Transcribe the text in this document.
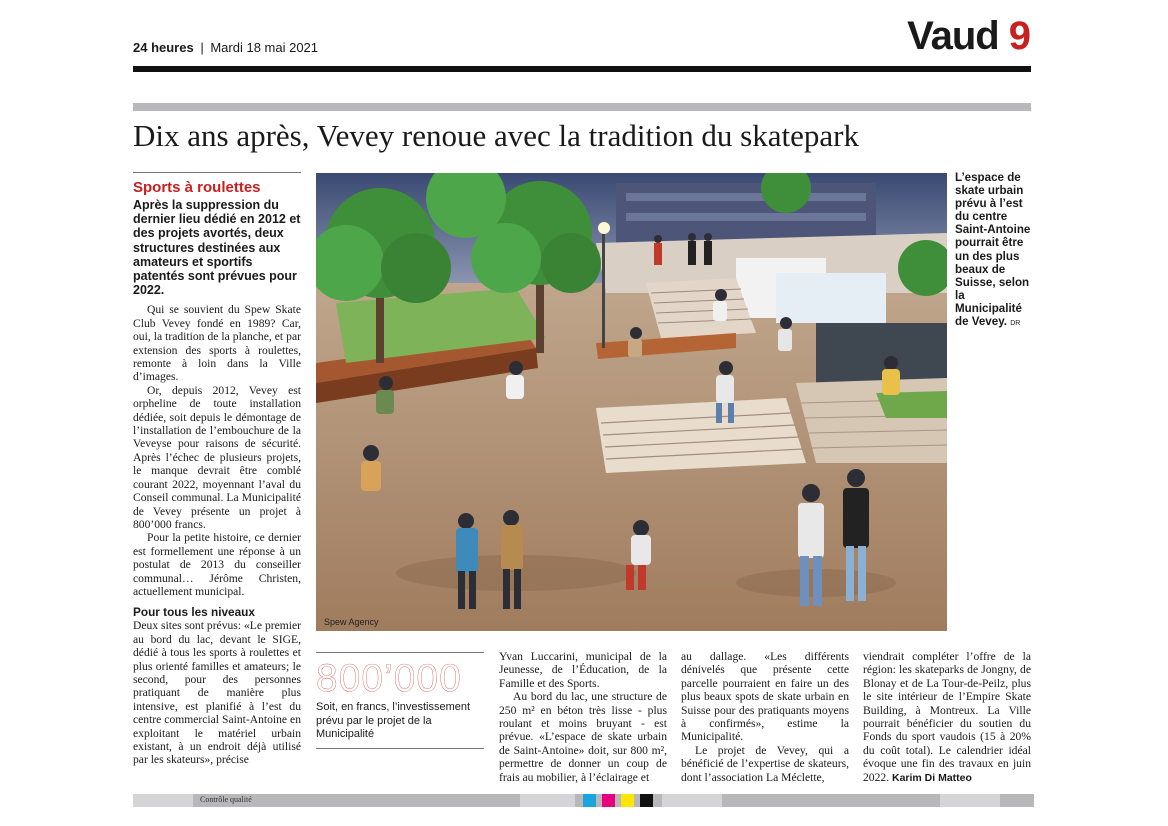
24 heures | Mardi 18 mai 2021	Vaud 9
Dix ans après, Vevey renoue avec la tradition du skatepark
Sports à roulettes
Après la suppression du dernier lieu dédié en 2012 et des projets avortés, deux structures destinées aux amateurs et sportifs patentés sont prévues pour 2022.

Qui se souvient du Spew Skate Club Vevey fondé en 1989? Car, oui, la tradition de la planche, et par extension des sports à roulettes, remonte à loin dans la Ville d’images.

Or, depuis 2012, Vevey est orpheline de toute installation dédiée, soit depuis le démontage de l’installation de l’embouchure de la Veveyse pour raisons de sécurité. Après l’échec de plusieurs projets, le manque devrait être comblé courant 2022, moyennant l’aval du Conseil communal. La Municipalité de Vevey présente un projet à 800’000 francs.

Pour la petite histoire, ce dernier est formellement une réponse à un postulat de 2013 du conseiller communal… Jérôme Christen, actuellement municipal.

Pour tous les niveaux

Deux sites sont prévus: «Le premier au bord du lac, devant le SIGE, dédié à tous les sports à roulettes et plus orienté familles et amateurs; le second, pour des personnes pratiquant de manière plus intensive, est planifié à l’est du centre commercial Saint-Antoine en exploitant le matériel urbain existant, à un endroit déjà utilisé par les skateurs», précise

Spew Agency
L’espace de skate urbain prévu à l’est du centre Saint-Antoine pourrait être un des plus beaux de Suisse, selon la Municipalité de Vevey. DR
800’000
Soit, en francs, l’investissement prévu par le projet de la Municipalité

Yvan Luccarini, municipal de la Jeunesse, de l’Éducation, de la Famille et des Sports.

Au bord du lac, une structure de 250 m² en béton très lisse - plus roulant et moins bruyant - est prévue. «L’espace de skate urbain de Saint-Antoine» doit, sur 800 m², permettre de donner un coup de frais au mobilier, à l’éclairage et

au dallage. «Les différents dénivelés que présente cette parcelle pourraient en faire un des plus beaux spots de skate urbain en Suisse pour des pratiquants moyens à confirmés», estime la Municipalité.

Le projet de Vevey, qui a bénéficié de l’expertise de skateurs, dont l’association La Méclette,

viendrait compléter l’offre de la région: les skateparks de Jongny, de Blonay et de La Tour-de-Peilz, plus le site intérieur de l’Empire Skate Building, à Montreux. La Ville pourrait bénéficier du soutien du Fonds du sport vaudois (15 à 20% du coût total). Le calendrier idéal évoque une fin des travaux en juin 2022. Karim Di Matteo

Contrôle qualité
